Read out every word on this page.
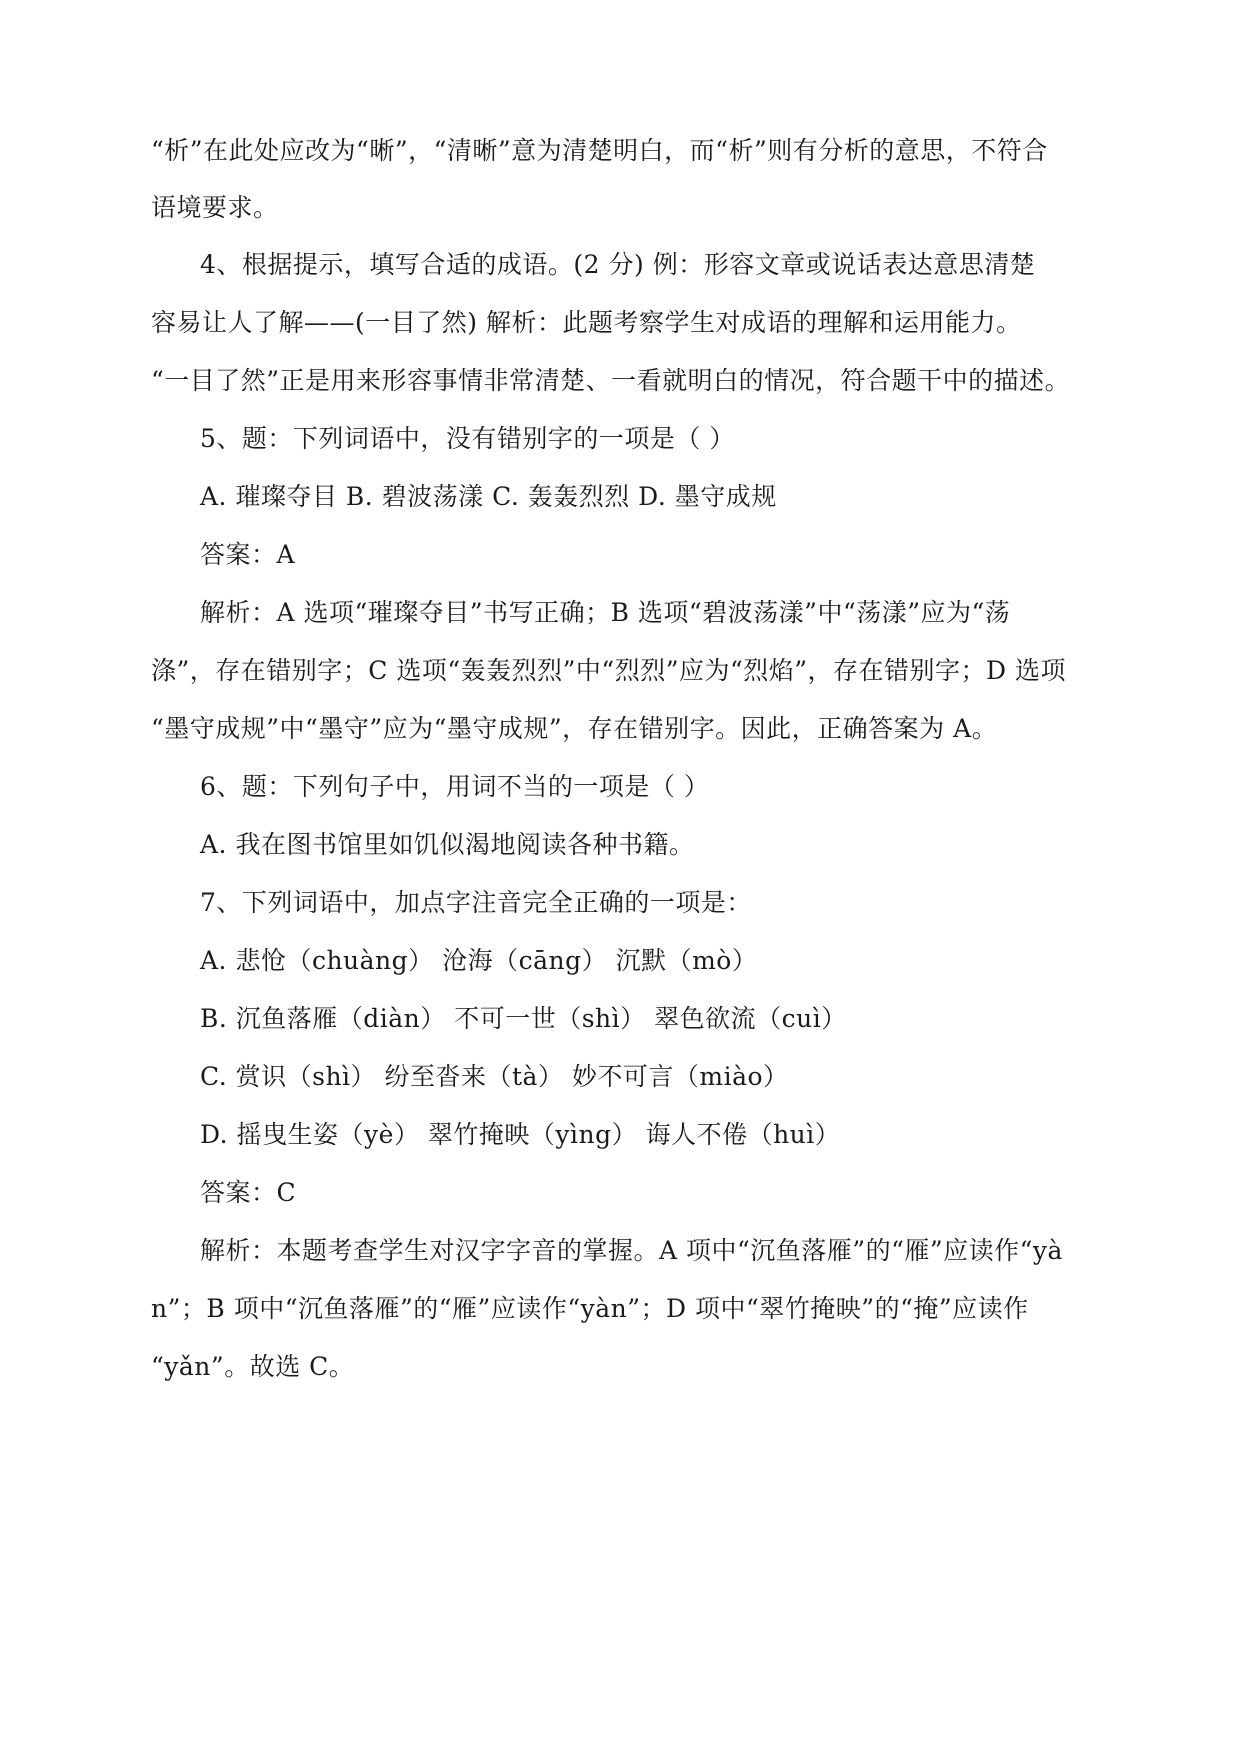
“析”在此处应改为“晰”，“清晰”意为清楚明白，而“析”则有分析的意思，不符合
语境要求。
4、根据提示，填写合适的成语。(2 分) 例：形容文章或说话表达意思清楚
容易让人了解——(一目了然) 解析：此题考察学生对成语的理解和运用能力。
“一目了然”正是用来形容事情非常清楚、一看就明白的情况，符合题干中的描述。
5、题：下列词语中，没有错别字的一项是（ ）
A. 璀璨夺目 B. 碧波荡漾 C. 轰轰烈烈 D. 墨守成规
答案：A
解析：A 选项“璀璨夺目”书写正确；B 选项“碧波荡漾”中“荡漾”应为“荡
涤”，存在错别字；C 选项“轰轰烈烈”中“烈烈”应为“烈焰”，存在错别字；D 选项
“墨守成规”中“墨守”应为“墨守成规”，存在错别字。因此，正确答案为 A。
6、题：下列句子中，用词不当的一项是（ ）
A. 我在图书馆里如饥似渴地阅读各种书籍。
7、下列词语中，加点字注音完全正确的一项是：
A. 悲怆（chuàng） 沧海（cāng） 沉默（mò）
B. 沉鱼落雁（diàn） 不可一世（shì） 翠色欲流（cuì）
C. 赏识（shì） 纷至沓来（tà） 妙不可言（miào）
D. 摇曳生姿（yè） 翠竹掩映（yìng） 诲人不倦（huì）
答案：C
解析：本题考查学生对汉字字音的掌握。A 项中“沉鱼落雁”的“雁”应读作“yà
n”；B 项中“沉鱼落雁”的“雁”应读作“yàn”；D 项中“翠竹掩映”的“掩”应读作
“yǎn”。故选 C。
